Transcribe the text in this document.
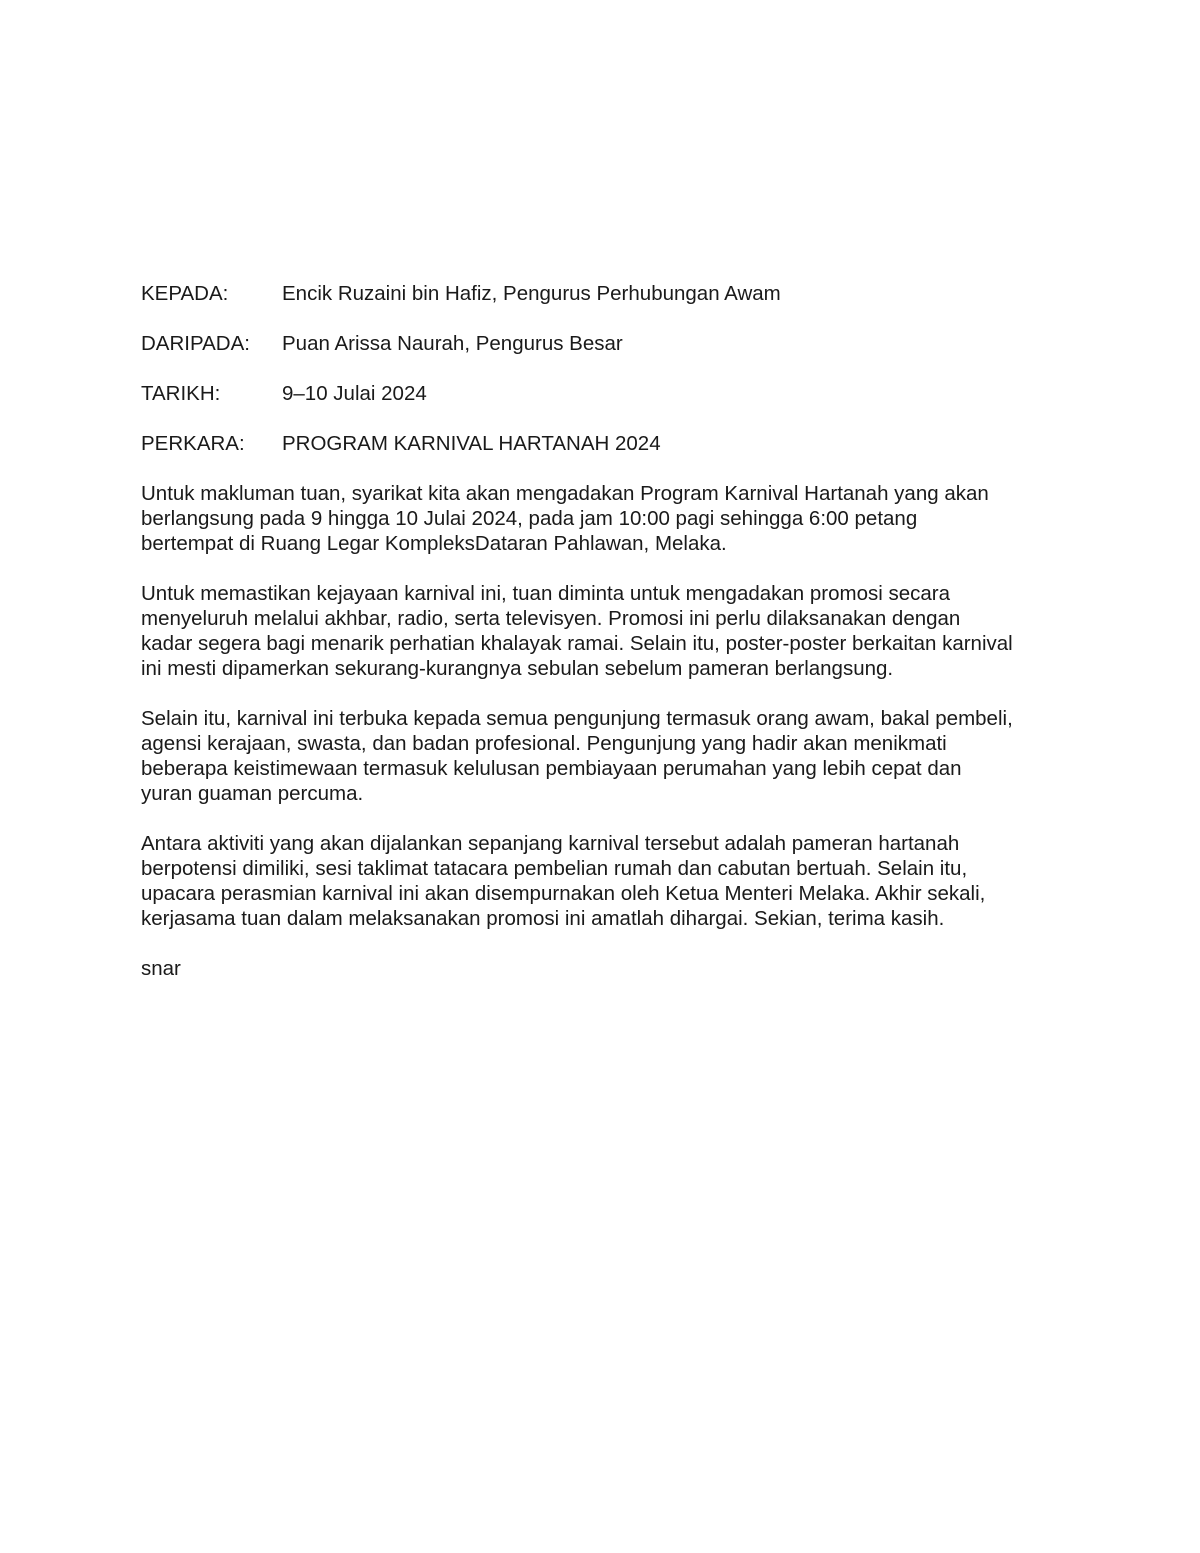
KEPADA:	Encik Ruzaini bin Hafiz, Pengurus Perhubungan Awam
DARIPADA:	Puan Arissa Naurah, Pengurus Besar
TARIKH:	9–10 Julai 2024
PERKARA:	PROGRAM KARNIVAL HARTANAH 2024
Untuk makluman tuan, syarikat kita akan mengadakan Program Karnival Hartanah yang akan
berlangsung pada 9 hingga 10 Julai 2024, pada jam 10:00 pagi sehingga 6:00 petang
bertempat di Ruang Legar KompleksDataran Pahlawan, Melaka.
Untuk memastikan kejayaan karnival ini, tuan diminta untuk mengadakan promosi secara
menyeluruh melalui akhbar, radio, serta televisyen. Promosi ini perlu dilaksanakan dengan
kadar segera bagi menarik perhatian khalayak ramai. Selain itu, poster-poster berkaitan karnival
ini mesti dipamerkan sekurang-kurangnya sebulan sebelum pameran berlangsung.
Selain itu, karnival ini terbuka kepada semua pengunjung termasuk orang awam, bakal pembeli,
agensi kerajaan, swasta, dan badan profesional. Pengunjung yang hadir akan menikmati
beberapa keistimewaan termasuk kelulusan pembiayaan perumahan yang lebih cepat dan
yuran guaman percuma.
Antara aktiviti yang akan dijalankan sepanjang karnival tersebut adalah pameran hartanah
berpotensi dimiliki, sesi taklimat tatacara pembelian rumah dan cabutan bertuah. Selain itu,
upacara perasmian karnival ini akan disempurnakan oleh Ketua Menteri Melaka. Akhir sekali,
kerjasama tuan dalam melaksanakan promosi ini amatlah dihargai. Sekian, terima kasih.

snar
